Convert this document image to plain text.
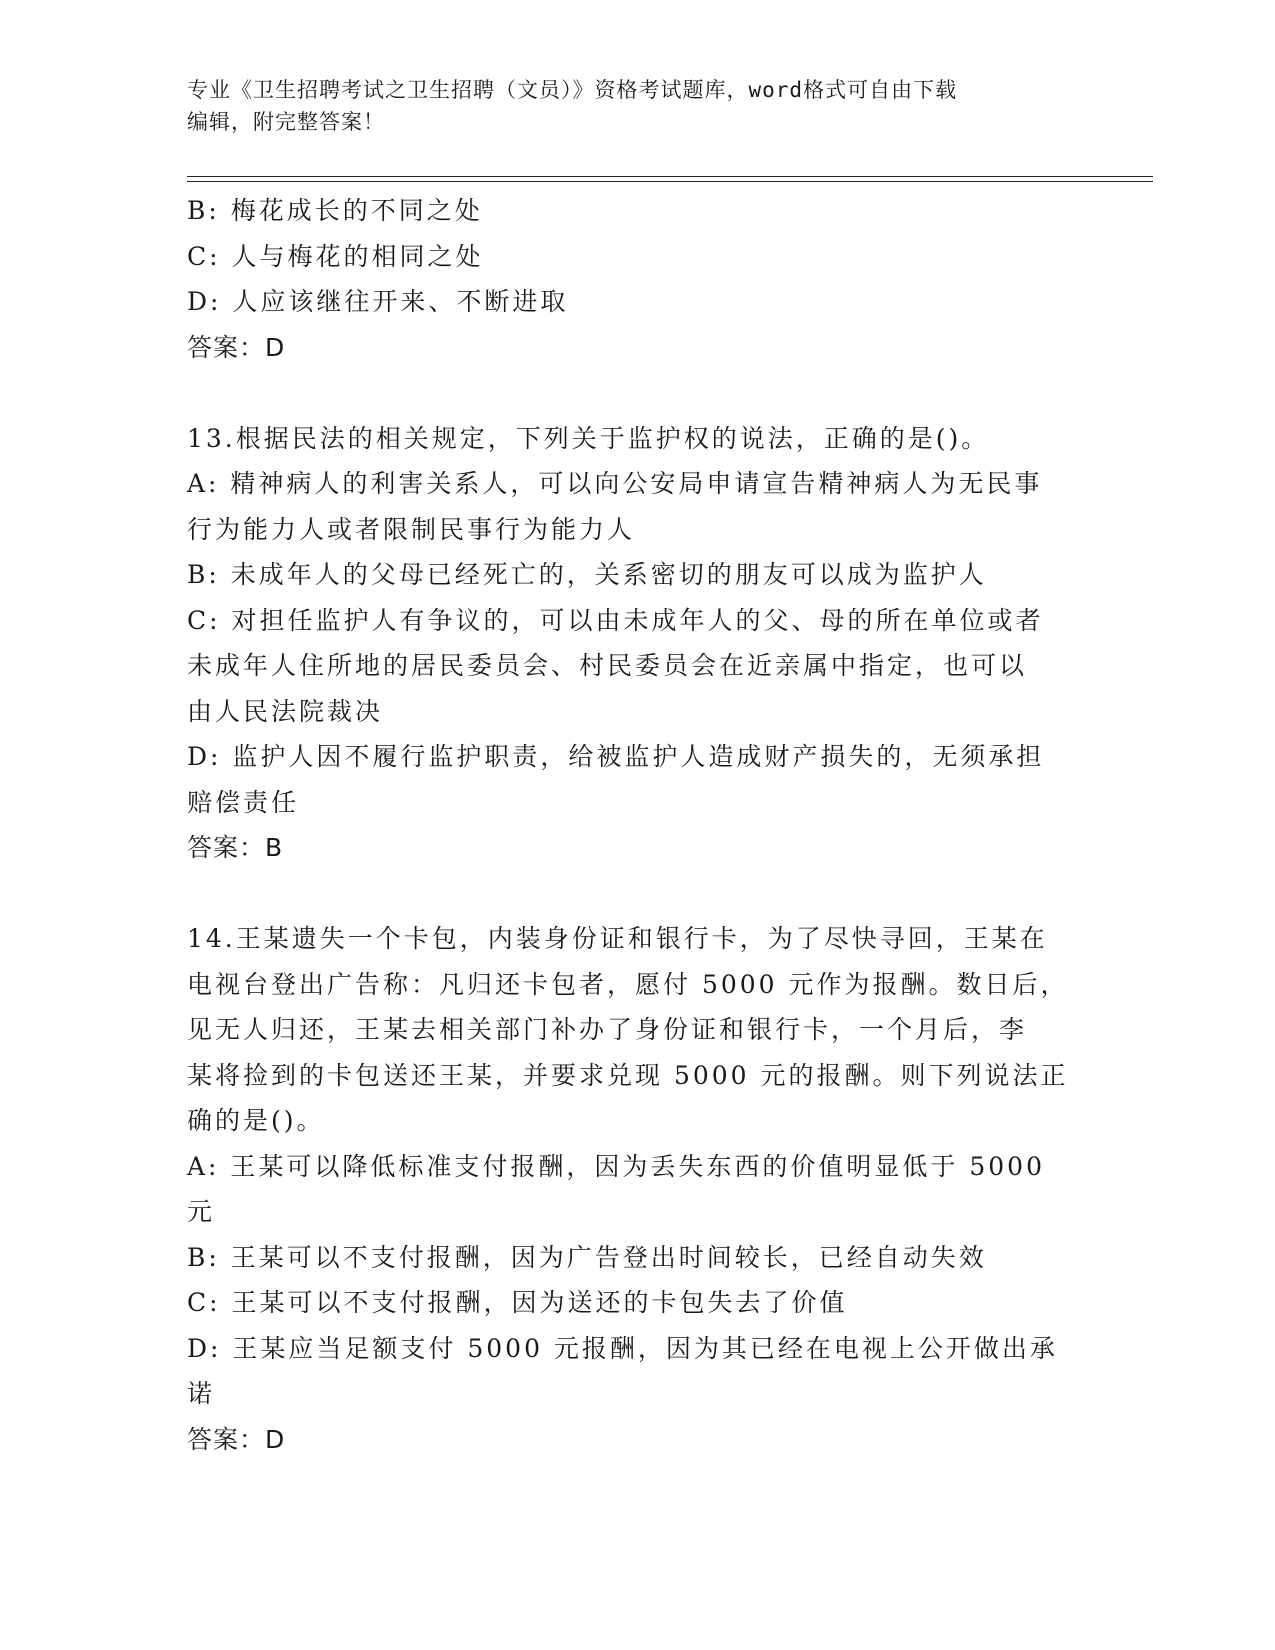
专业《卫生招聘考试之卫生招聘（文员）》资格考试题库，word格式可自由下载
编辑，附完整答案！
B: 梅花成长的不同之处
C: 人与梅花的相同之处
D: 人应该继往开来、不断进取
答案：D
13.根据民法的相关规定，下列关于监护权的说法，正确的是()。
A: 精神病人的利害关系人，可以向公安局申请宣告精神病人为无民事
行为能力人或者限制民事行为能力人
B: 未成年人的父母已经死亡的，关系密切的朋友可以成为监护人
C: 对担任监护人有争议的，可以由未成年人的父、母的所在单位或者
未成年人住所地的居民委员会、村民委员会在近亲属中指定，也可以
由人民法院裁决
D: 监护人因不履行监护职责，给被监护人造成财产损失的，无须承担
赔偿责任
答案：B
14.王某遗失一个卡包，内装身份证和银行卡，为了尽快寻回，王某在
电视台登出广告称：凡归还卡包者，愿付 5000 元作为报酬。数日后，
见无人归还，王某去相关部门补办了身份证和银行卡，一个月后，李
某将捡到的卡包送还王某，并要求兑现 5000 元的报酬。则下列说法正
确的是()。
A: 王某可以降低标准支付报酬，因为丢失东西的价值明显低于 5000
元
B: 王某可以不支付报酬，因为广告登出时间较长，已经自动失效
C: 王某可以不支付报酬，因为送还的卡包失去了价值
D: 王某应当足额支付 5000 元报酬，因为其已经在电视上公开做出承
诺
答案：D
